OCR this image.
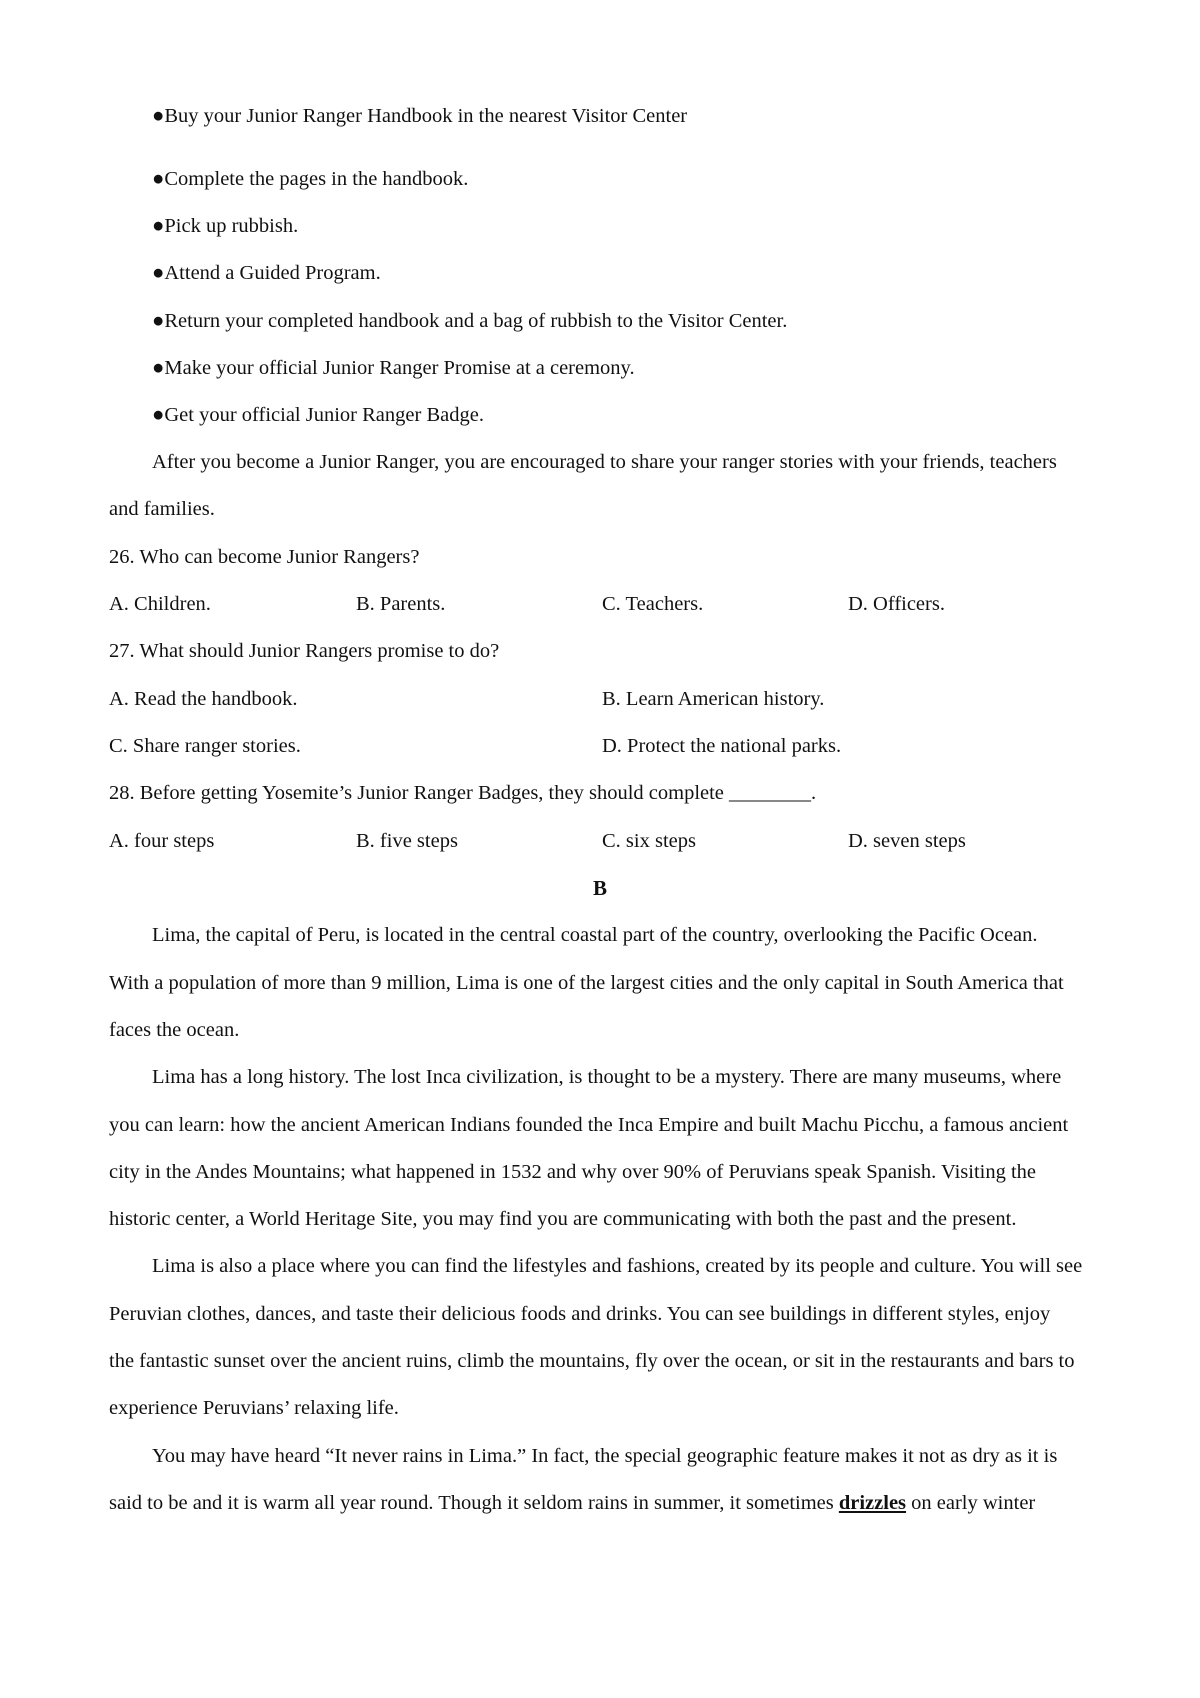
●Buy your Junior Ranger Handbook in the nearest Visitor Center
●Complete the pages in the handbook.
●Pick up rubbish.
●Attend a Guided Program.
●Return your completed handbook and a bag of rubbish to the Visitor Center.
●Make your official Junior Ranger Promise at a ceremony.
●Get your official Junior Ranger Badge.
After you become a Junior Ranger, you are encouraged to share your ranger stories with your friends, teachers
and families.
26. Who can become Junior Rangers?
A. Children.	B. Parents.	C. Teachers.	D. Officers.
27. What should Junior Rangers promise to do?
A. Read the handbook.	B. Learn American history.
C. Share ranger stories.	D. Protect the national parks.
28. Before getting Yosemite’s Junior Ranger Badges, they should complete ________.
A. four steps	B. five steps	C. six steps	D. seven steps
B
Lima, the capital of Peru, is located in the central coastal part of the country, overlooking the Pacific Ocean.
With a population of more than 9 million, Lima is one of the largest cities and the only capital in South America that
faces the ocean.
Lima has a long history. The lost Inca civilization, is thought to be a mystery. There are many museums, where
you can learn: how the ancient American Indians founded the Inca Empire and built Machu Picchu, a famous ancient
city in the Andes Mountains; what happened in 1532 and why over 90% of Peruvians speak Spanish. Visiting the
historic center, a World Heritage Site, you may find you are communicating with both the past and the present.
Lima is also a place where you can find the lifestyles and fashions, created by its people and culture. You will see
Peruvian clothes, dances, and taste their delicious foods and drinks. You can see buildings in different styles, enjoy
the fantastic sunset over the ancient ruins, climb the mountains, fly over the ocean, or sit in the restaurants and bars to
experience Peruvians’ relaxing life.
You may have heard “It never rains in Lima.” In fact, the special geographic feature makes it not as dry as it is
said to be and it is warm all year round. Though it seldom rains in summer, it sometimes drizzles on early winter
